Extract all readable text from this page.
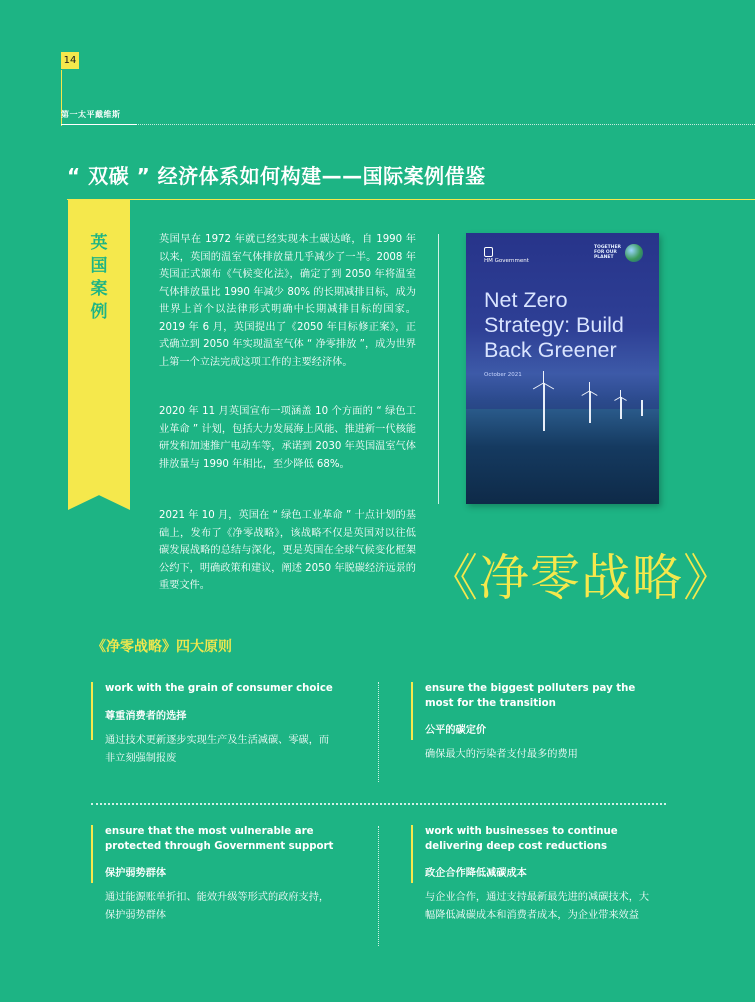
14
第一太平戴维斯
“ 双碳 ” 经济体系如何构建——国际案例借鉴
英
国
案
例
英国早在 1972 年就已经实现本土碳达峰，自 1990 年以来，英国的温室气体排放量几乎减少了一半。2008 年英国正式颁布《气候变化法》，确定了到 2050 年将温室气体排放量比 1990 年减少 80% 的长期减排目标，成为世界上首个以法律形式明确中长期减排目标的国家。2019 年 6 月，英国提出了《2050 年目标修正案》，正式确立到 2050 年实现温室气体 “ 净零排放 ”，成为世界上第一个立法完成这项工作的主要经济体。
2020 年 11 月英国宣布一项涵盖 10 个方面的 “ 绿色工业革命 ” 计划，包括大力发展海上风能、推进新一代核能研发和加速推广电动车等，承诺到 2030 年英国温室气体排放量与 1990 年相比，至少降低 68%。
2021 年 10 月，英国在 “ 绿色工业革命 ” 十点计划的基础上，发布了《净零战略》，该战略不仅是英国对以往低碳发展战略的总结与深化，更是英国在全球气候变化框架公约下，明确政策和建议，阐述 2050 年脱碳经济远景的重要文件。
HM Government
TOGETHER
FOR OUR
PLANET
Net Zero
Strategy: Build
Back Greener
October 2021
《净零战略》
《净零战略》四大原则
work with the grain of consumer choice
尊重消费者的选择
通过技术更新逐步实现生产及生活减碳、零碳，而非立刻强制报废
ensure the biggest polluters pay the most for the transition
公平的碳定价
确保最大的污染者支付最多的费用
ensure that the most vulnerable are protected through Government support
保护弱势群体
通过能源账单折扣、能效升级等形式的政府支持，保护弱势群体
work with businesses to continue delivering deep cost reductions
政企合作降低减碳成本
与企业合作，通过支持最新最先进的减碳技术，大幅降低减碳成本和消费者成本，为企业带来效益
